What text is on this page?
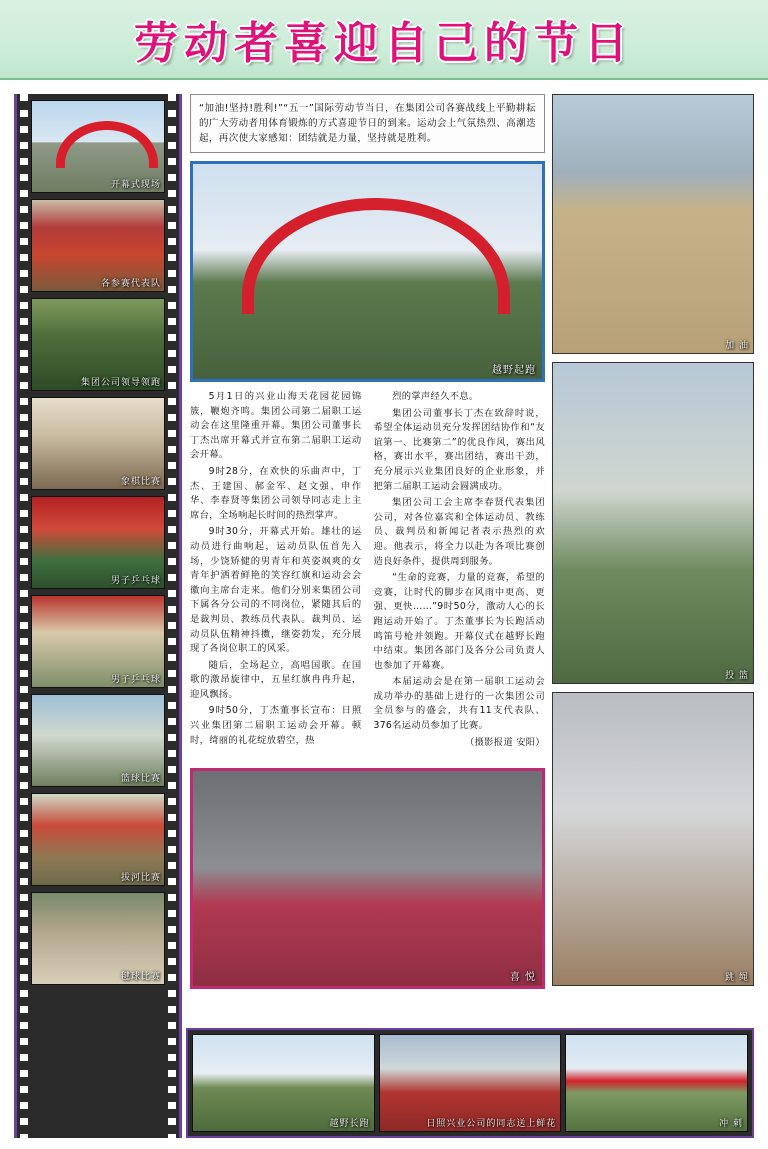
劳动者喜迎自己的节日
开幕式现场
各参赛代表队
集团公司领导领跑
象棋比赛
男子乒乓球
男子乒乓球
篮球比赛
拔河比赛
毽球比赛
“加油!坚持!胜利!”“五一”国际劳动节当日，在集团公司各赛战线上平勤耕耘的广大劳动者用体育锻炼的方式喜迎节日的到来。运动会上气氛热烈、高潮迭起，再次使大家感知：团结就是力量，坚持就是胜利。
越野起跑

5月1日的兴业山海天花园花园锦簇，鞭炮齐鸣。集团公司第二届职工运动会在这里隆重开幕。集团公司董事长丁杰出席开幕式并宣布第二届职工运动会开幕。

9时28分，在欢快的乐曲声中，丁杰、王建国、郝金军、赵文强、申作华、李春贤等集团公司领导同志走上主席台，全场响起长时间的热烈掌声。

9时30分，开幕式开始。雄壮的运动员进行曲响起，运动员队伍首先入场，少饶矫健的男青年和英姿飒爽的女青年护洒着鲜艳的笑容红旗和运动会会徽向主席台走来。他们分别来集团公司下属各分公司的不同岗位，紧随其后的是裁判员、教练员代表队。裁判员、运动员队伍精神抖擞，继姿勃发，充分展现了各岗位职工的风采。

随后，全场起立，高唱国歌。在国歌的激昂旋律中，五星红旗冉冉升起，迎风飘扬。

9时50分，丁杰董事长宣布：日照兴业集团第二届职工运动会开幕。顿时，绮丽的礼花绽放碧空，热

烈的掌声经久不息。

集团公司董事长丁杰在致辞时说，希望全体运动员充分发挥团结协作和“友谊第一、比赛第二”的优良作风，赛出风格，赛出水平，赛出团结，赛出干劲，充分展示兴业集团良好的企业形象，并把第二届职工运动会圆满成功。

集团公司工会主席李春贤代表集团公司，对各位嘉宾和全体运动员、教练员、裁判员和新闻记者表示热烈的欢迎。他表示，将全力以赴为各项比赛创造良好条件，提供周到服务。

“生命的竞赛，力量的竞赛，希望的竞赛，让时代的脚步在风雨中更高、更强、更快……”9时50分，激动人心的长跑运动开始了。丁杰董事长为长跑活动鸣笛号枪并领跑。开幕仪式在越野长跑中结束。集团各部门及各分公司负责人也参加了开幕赛。

本届运动会是在第一届职工运动会成功举办的基础上进行的一次集团公司全员参与的盛会，共有11支代表队、376名运动员参加了比赛。

（摄影报道 安阳）

喜 悦
加 油
投 篮
跳 绳
越野长跑	日照兴业公司的同志送上鲜花	冲 刺
